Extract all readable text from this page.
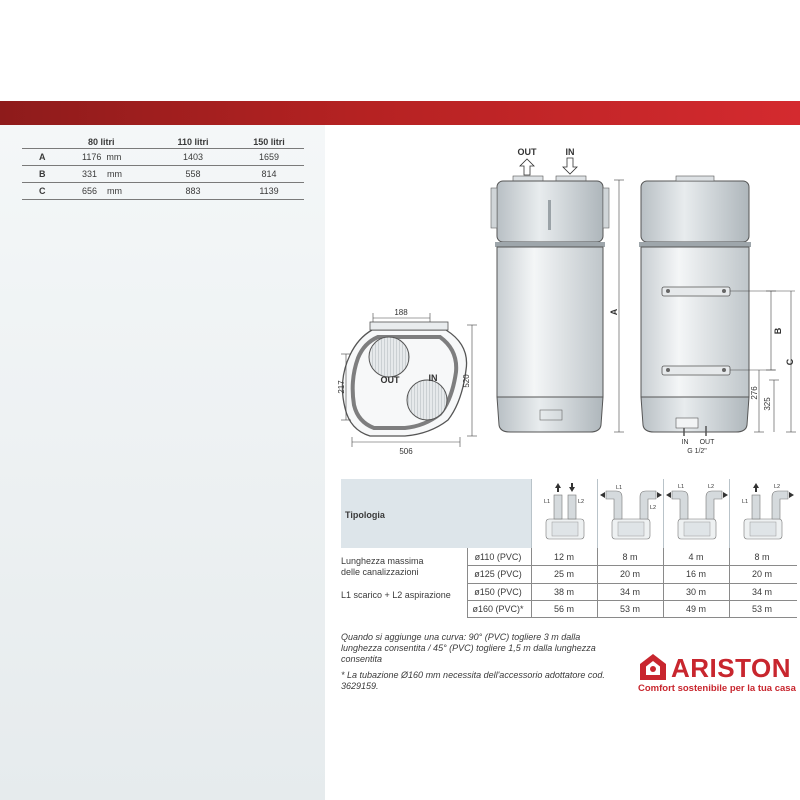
80 litri	110 litri	150 litri
A	1176 mm	1403	1659
B	331 mm	558	814
C	656 mm	883	1139
188
506
520
217
OUT	IN
OUT	IN
A
B
C
276
325
IN OUT
G 1/2"
Tipologia
L1	L2
L1
L2
L1	L2
L1
L2
Lunghezza massima
delle canalizzazioni
L1 scarico + L2 aspirazione
ø110 (PVC)	12 m	8 m	4 m	8 m
ø125 (PVC)	25 m	20 m	16 m	20 m
ø150 (PVC)	38 m	34 m	30 m	34 m
ø160 (PVC)*	56 m	53 m	49 m	53 m

Quando si aggiunge una curva: 90° (PVC) togliere 3 m dalla lunghezza consentita / 45° (PVC) togliere 1,5 m dalla lunghezza consentita

* La tubazione Ø160 mm necessita dell'accessorio adottatore cod. 3629159.

ARISTON
Comfort sostenibile per la tua casa
